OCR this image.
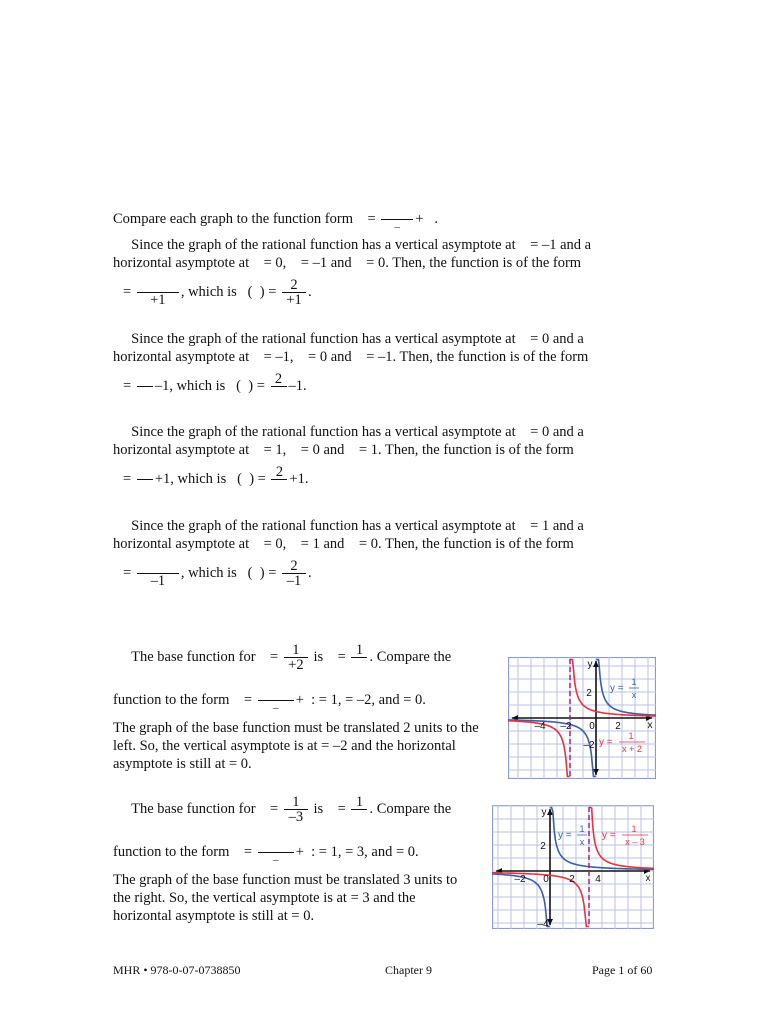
Compare each graph to the function form    =
–
+   .
Since the graph of the rational function has a vertical asymptote at = –1 and a
horizontal asymptote at = 0, = –1 and = 0. Then, the function is of the form
=
+1
, which is   (  ) = $\frac{2}{+1}$ .
Since the graph of the rational function has a vertical asymptote at = 0 and a
horizontal asymptote at = –1, = 0 and = –1. Then, the function is of the form
=
–1, which is   (  ) = 2 –1.
Since the graph of the rational function has a vertical asymptote at = 0 and a
horizontal asymptote at = 1, = 0 and = 1. Then, the function is of the form
=
+1, which is   (  ) = 2 +1.
Since the graph of the rational function has a vertical asymptote at = 1 and a
horizontal asymptote at = 0, = 1 and = 0. Then, the function is of the form
=
–1
, which is   (  ) = $\frac{2}{-1}$ .
The base function for    = $\frac{1}{+2}$ is    = 1 . Compare the
function to the form    =
–
+  : = 1, = –2, and = 0.
The graph of the base function must be translated 2 units to the
left. So, the vertical asymptote is at = –2 and the horizontal
asymptote is still at = 0.
The base function for    = $\frac{1}{-3}$ is    = 1 . Compare the
function to the form    =
–
+  : = 1, = 3, and = 0.
The graph of the base function must be translated 3 units to
the right. So, the vertical asymptote is at = 3 and the
horizontal asymptote is still at = 0.
x
y
–4 –2 0 2
2
–2
y =
1
x
y =
1
x + 2
x
y
–2 0 2 4
2
–4
y =
1
x
y =
1
x – 3
MHR • 978-0-07-0738850	Chapter 9	Page 1 of 60
